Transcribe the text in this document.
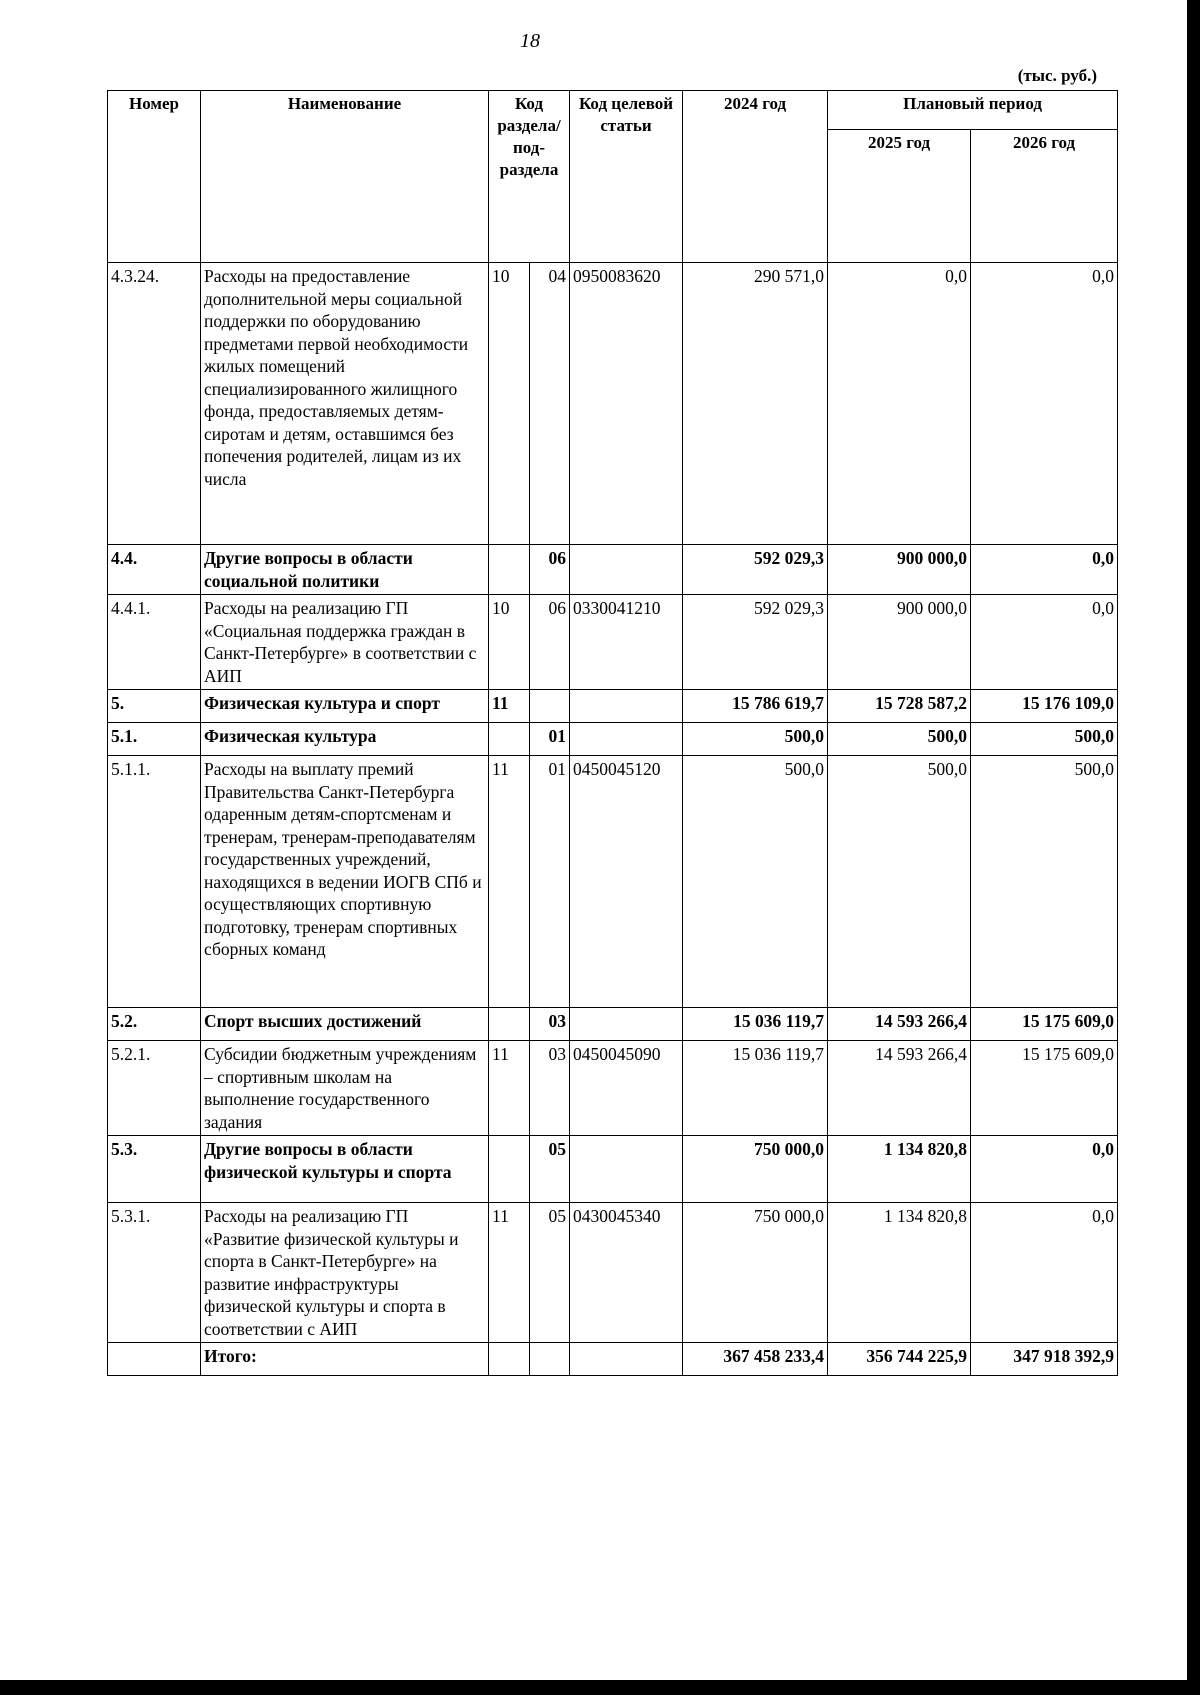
18
(тыс. руб.)
Номер	Наименование	Код раздела/ под-раздела		Код целевой статьи	2024 год	Плановый период	
						2025 год	2026 год
4.3.24.	Расходы на предоставление дополнительной меры социальной поддержки по оборудованию предметами первой необходимости жилых помещений специализированного жилищного фонда, предоставляемых детям-сиротам и детям, оставшимся без попечения родителей, лицам из их числа	10	04	0950083620	290 571,0	0,0	0,0
4.4.	Другие вопросы в области социальной политики		06		592 029,3	900 000,0	0,0
4.4.1.	Расходы на реализацию ГП «Социальная поддержка граждан в Санкт-Петербурге» в соответствии с АИП	10	06	0330041210	592 029,3	900 000,0	0,0
5.	Физическая культура и спорт	11			15 786 619,7	15 728 587,2	15 176 109,0
5.1.	Физическая культура		01		500,0	500,0	500,0
5.1.1.	Расходы на выплату премий Правительства Санкт-Петербурга одаренным детям-спортсменам и тренерам, тренерам-преподавателям государственных учреждений, находящихся в ведении ИОГВ СПб и осуществляющих спортивную подготовку, тренерам спортивных сборных команд	11	01	0450045120	500,0	500,0	500,0
5.2.	Спорт высших достижений		03		15 036 119,7	14 593 266,4	15 175 609,0
5.2.1.	Субсидии бюджетным учреждениям – спортивным школам на выполнение государственного задания	11	03	0450045090	15 036 119,7	14 593 266,4	15 175 609,0
5.3.	Другие вопросы в области физической культуры и спорта		05		750 000,0	1 134 820,8	0,0
5.3.1.	Расходы на реализацию ГП «Развитие физической культуры и спорта в Санкт-Петербурге» на развитие инфраструктуры физической культуры и спорта в соответствии с АИП	11	05	0430045340	750 000,0	1 134 820,8	0,0
	Итого:				367 458 233,4	356 744 225,9	347 918 392,9
